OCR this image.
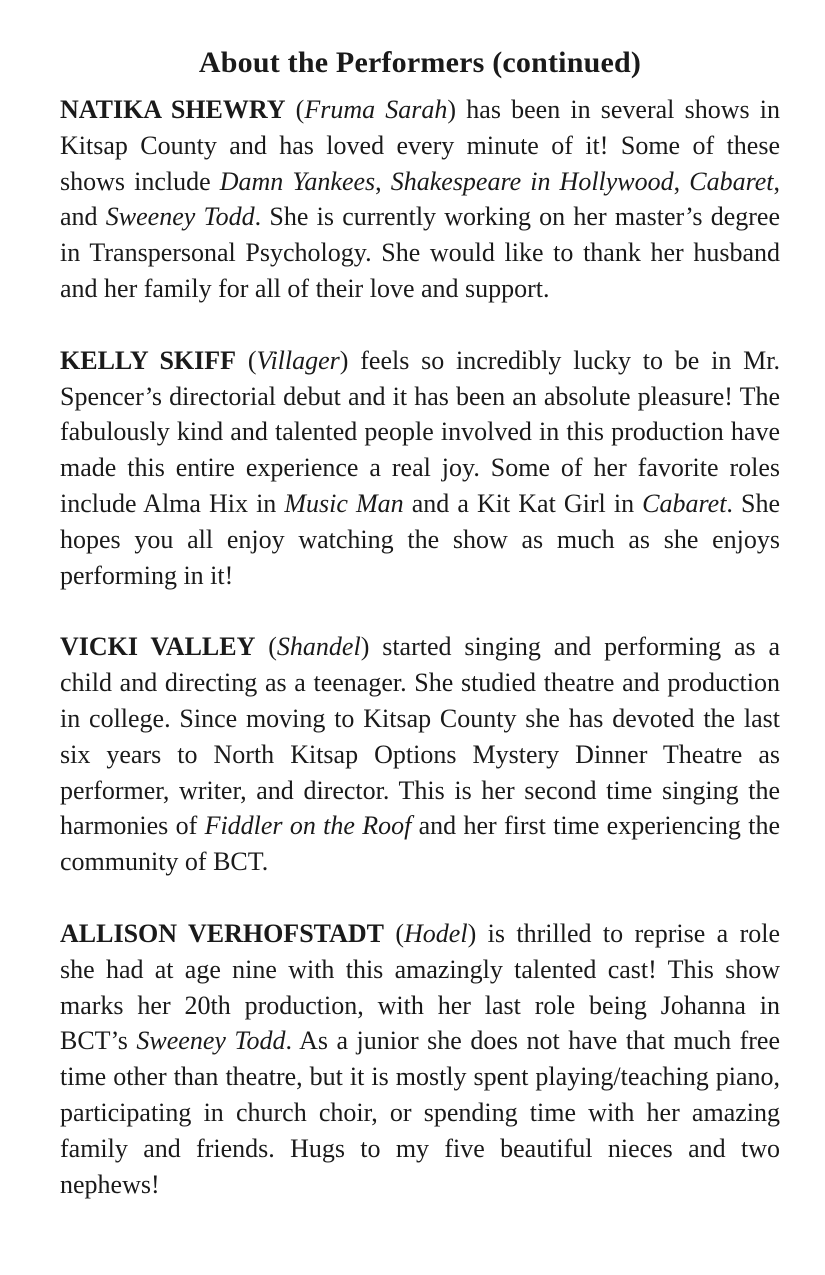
About the Performers (continued)

NATIKA SHEWRY (Fruma Sarah) has been in several shows in Kitsap County and has loved every minute of it! Some of these shows include Damn Yankees, Shakespeare in Hollywood, Cabaret, and Sweeney Todd. She is currently working on her master’s degree in Transpersonal Psychology. She would like to thank her husband and her family for all of their love and support.

KELLY SKIFF (Villager) feels so incredibly lucky to be in Mr. Spencer’s directorial debut and it has been an absolute pleasure! The fabulously kind and talented people involved in this production have made this entire experience a real joy. Some of her favorite roles include Alma Hix in Music Man and a Kit Kat Girl in Cabaret. She hopes you all enjoy watching the show as much as she enjoys performing in it!

VICKI VALLEY (Shandel) started singing and performing as a child and directing as a teenager. She studied theatre and production in college. Since moving to Kitsap County she has devoted the last six years to North Kitsap Options Mystery Dinner Theatre as performer, writer, and director. This is her second time singing the harmonies of Fiddler on the Roof and her first time experiencing the community of BCT.

ALLISON VERHOFSTADT (Hodel) is thrilled to reprise a role she had at age nine with this amazingly talented cast! This show marks her 20th production, with her last role being Johanna in BCT’s Sweeney Todd. As a junior she does not have that much free time other than theatre, but it is mostly spent playing/teaching piano, participating in church choir, or spending time with her amazing family and friends. Hugs to my five beautiful nieces and two nephews!
